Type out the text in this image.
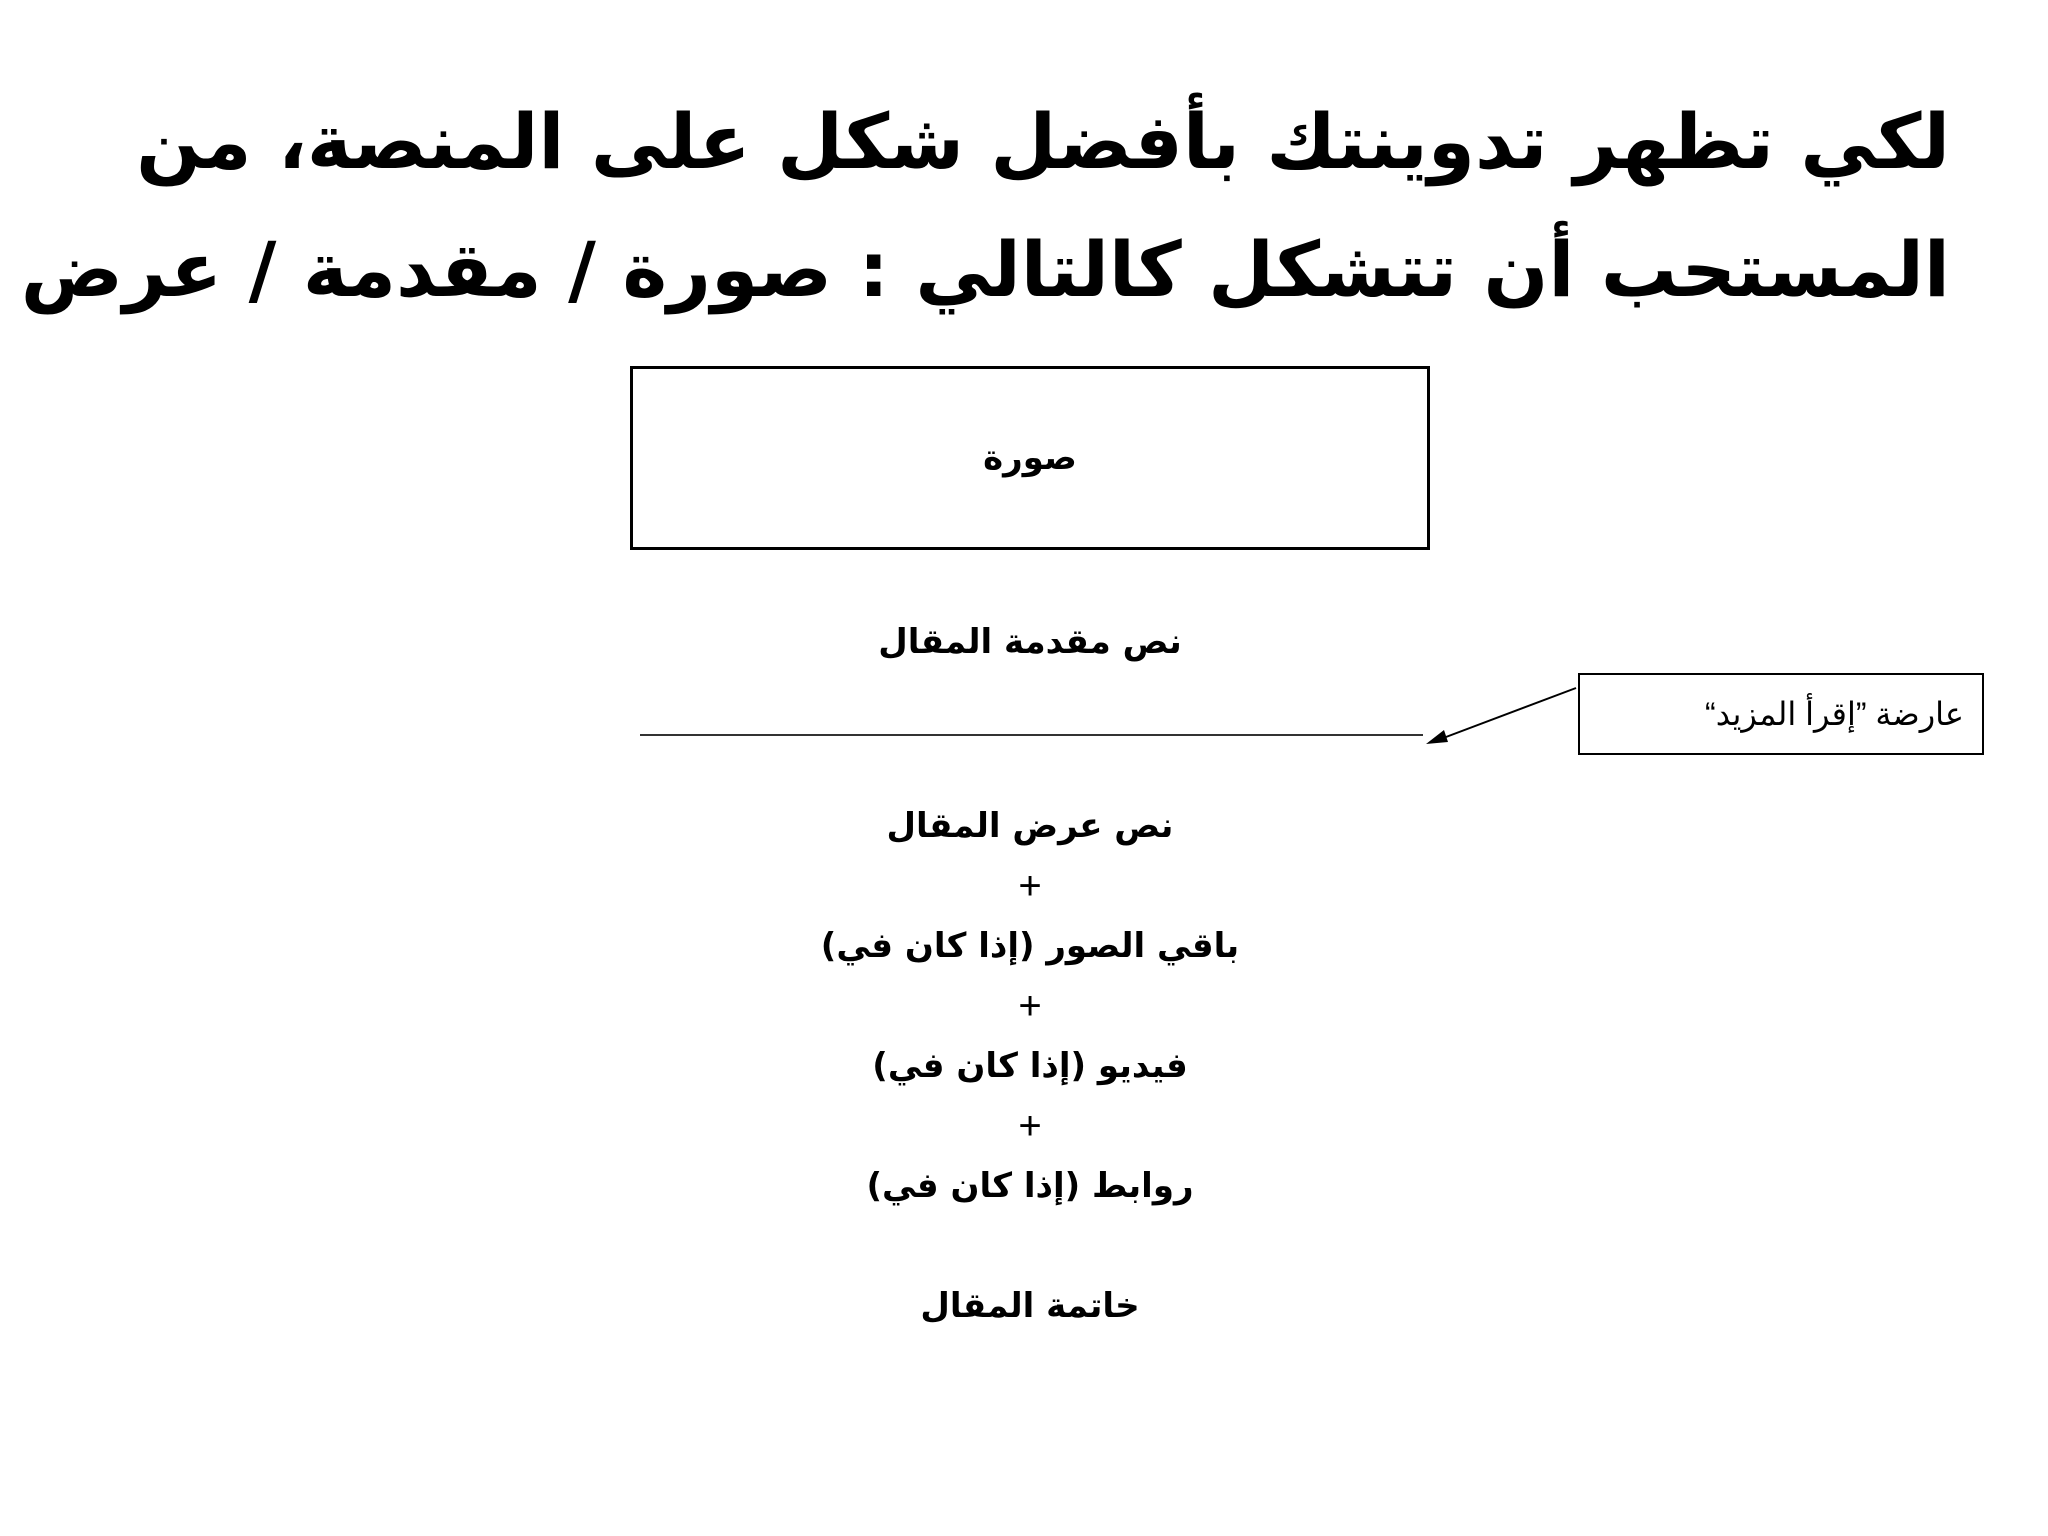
لكي تظهر تدوينتك بأفضل شكل على المنصة، من
المستحب أن تتشكل كالتالي : صورة / مقدمة / عرض
صورة
نص مقدمة المقال
عارضة ”إقرأ المزيد“
نص عرض المقال
+
باقي الصور (إذا كان في)
+
فيديو (إذا كان في)
+
روابط (إذا كان في)
خاتمة المقال
